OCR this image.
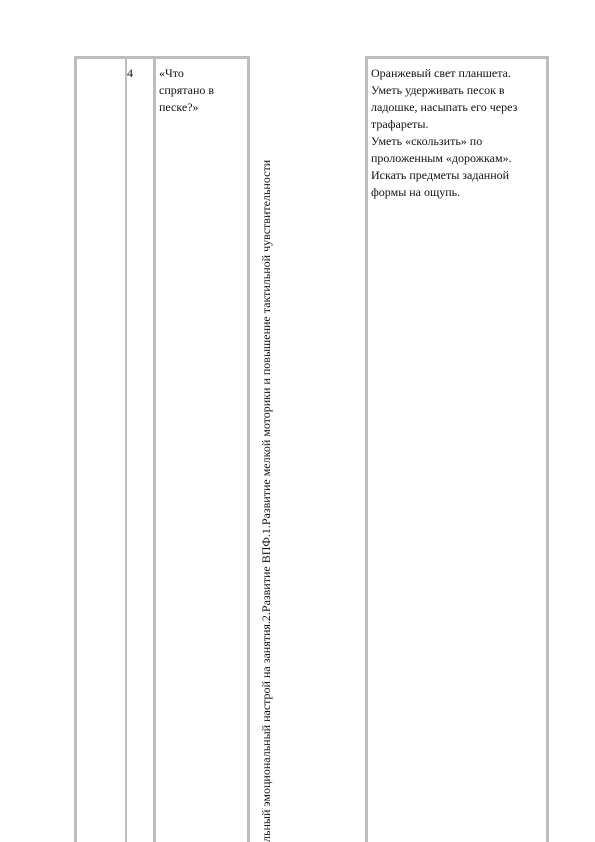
4	«Что
спрятано в
песке?»
льный эмоциональный настрой на занятия.2.Развитие ВПФ.1.Развитие мелкой моторики и повышение тактильной чувствительности
Оранжевый свет планшета.
Уметь удерживать песок в
ладошке, насыпать его через
трафареты.
Уметь «скользить» по
проложенным «дорожкам».
Искать предметы заданной
формы на ощупь.
